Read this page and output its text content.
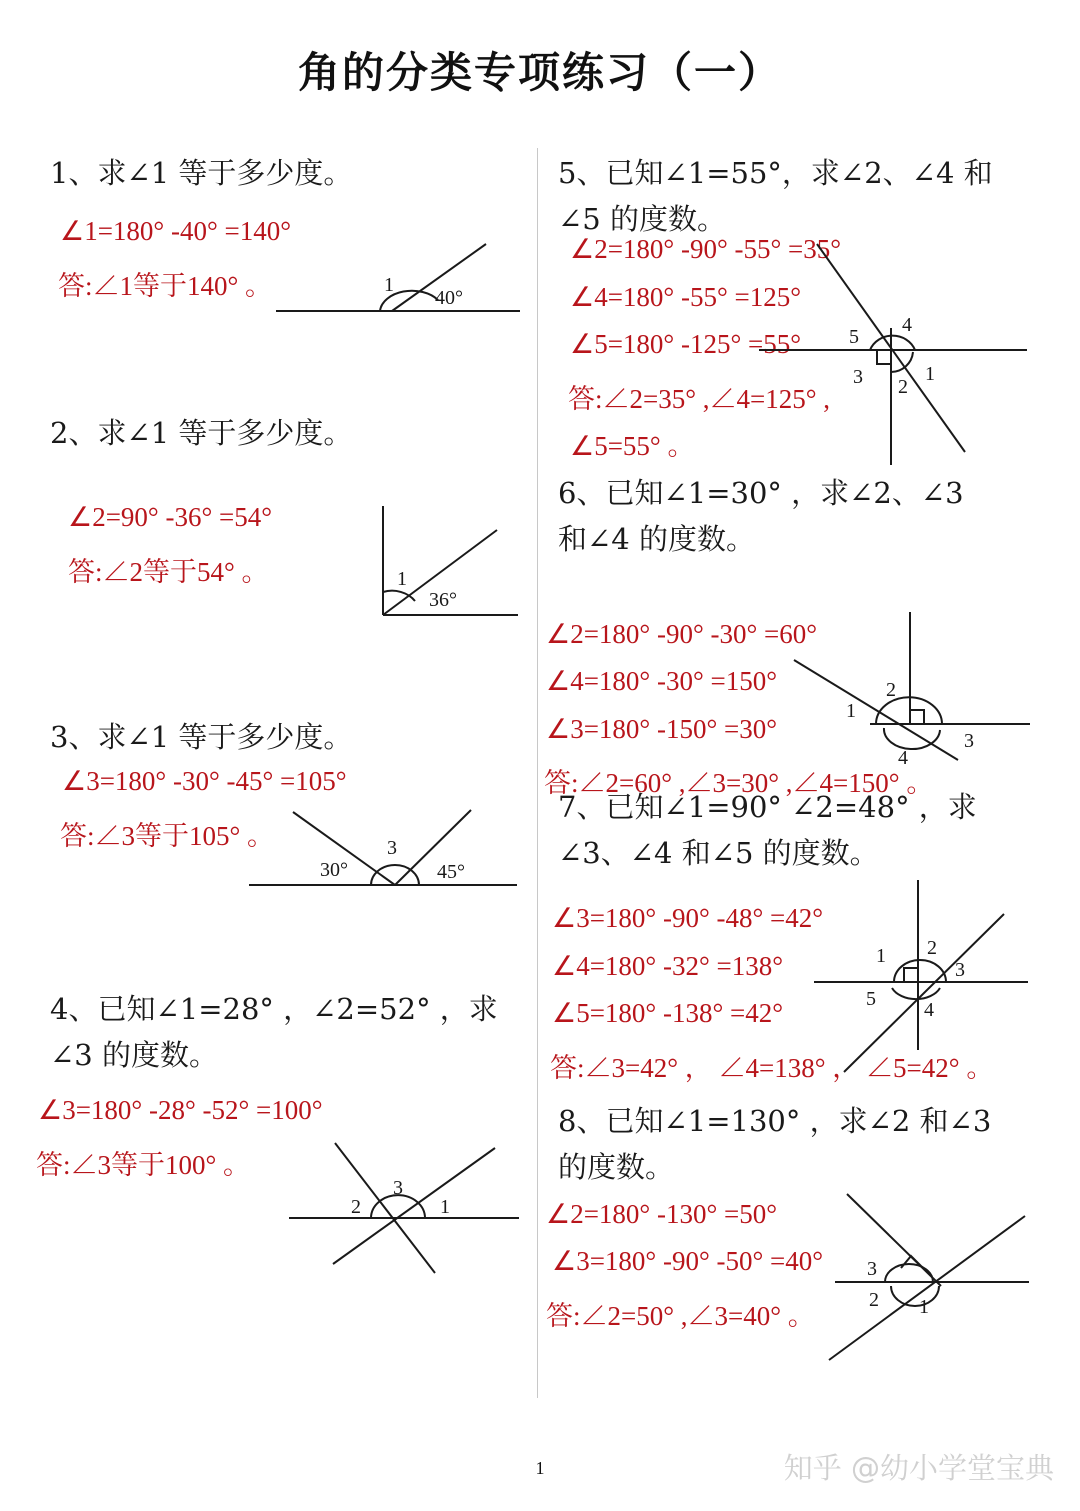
角的分类专项练习（一）
1、求∠1 等于多少度。
∠1=180° -40° =140°
答:∠1等于140° 。	1
40°
2、求∠1 等于多少度。
∠2=90° -36° =54°
答:∠2等于54° 。	1
36°
3、求∠1 等于多少度。
∠3=180° -30° -45° =105°
答:∠3等于105° 。	3
30°	45°
4、已知∠1=28° ，∠2=52° ，求
∠3 的度数。
∠3=180° -28° -52° =100°
答:∠3等于100° 。
3
2	1
5、已知∠1=55°，求∠2、∠4 和
∠5 的度数。
∠2=180° -90° -55° =35°
∠4=180° -55° =125°
∠5=180° -125° =55°
答:∠2=35° ,∠4=125° ,
∠5=55° 。
5
4
3 2
1
6、已知∠1=30° ，求∠2、∠3
和∠4 的度数。
∠2=180° -90° -30° =60°
∠4=180° -30° =150°
∠3=180° -150° =30°
答:∠2=60° ,∠3=30° ,∠4=150° 。
2
1
4
3
7、已知∠1=90° ∠2=48° ，求
∠3、∠4 和∠5 的度数。
∠3=180° -90° -48° =42°
∠4=180° -32° =138°
∠5=180° -138° =42°
答:∠3=42° ， ∠4=138° ， ∠5=42° 。
1 2
3
5 4
8、已知∠1=130° ，求∠2 和∠3
的度数。
∠2=180° -130° =50°
∠3=180° -90° -50° =40°
答:∠2=50° ,∠3=40° 。
3
2 1
1	知乎 @幼小学堂宝典
